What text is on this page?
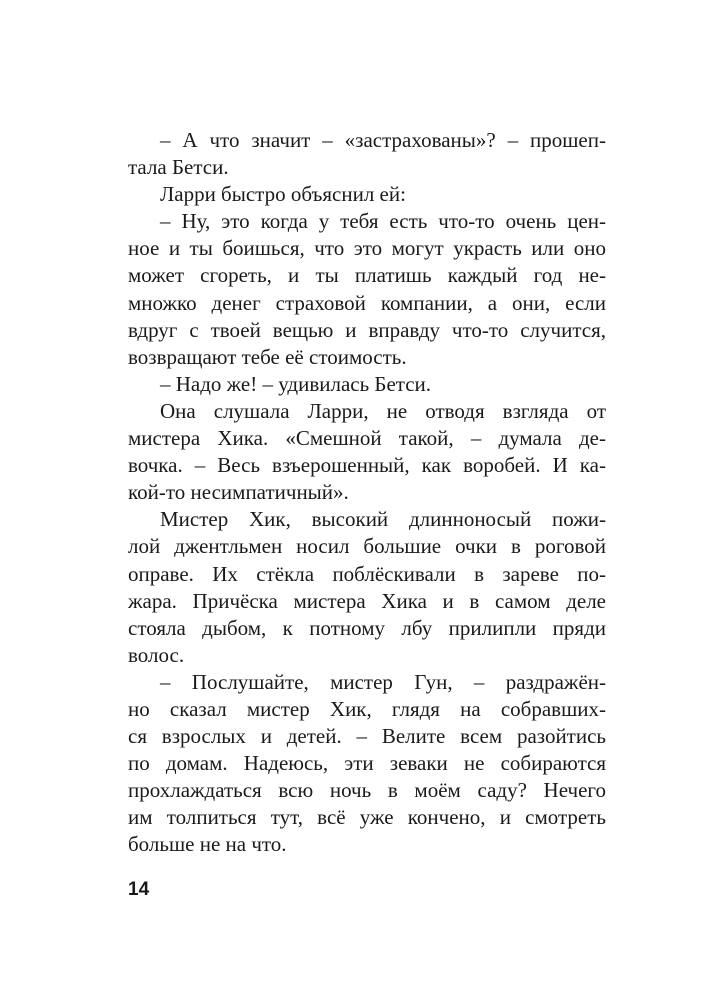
– А что значит – «застрахованы»? – прошеп-
тала Бетси.
Ларри быстро объяснил ей:
– Ну, это когда у тебя есть что-то очень цен-
ное и ты боишься, что это могут украсть или оно
может сгореть, и ты платишь каждый год не-
множко денег страховой компании, а они, если
вдруг с твоей вещью и вправду что-то случится,
возвращают тебе её стоимость.
– Надо же! – удивилась Бетси.
Она слушала Ларри, не отводя взгляда от
мистера Хика. «Смешной такой, – думала де-
вочка. – Весь взъерошенный, как воробей. И ка-
кой-то несимпатичный».
Мистер Хик, высокий длинноносый пожи-
лой джентльмен носил большие очки в роговой
оправе. Их стёкла поблёскивали в зареве по-
жара. Причёска мистера Хика и в самом деле
стояла дыбом, к потному лбу прилипли пряди
волос.
– Послушайте, мистер Гун, – раздражён-
но сказал мистер Хик, глядя на собравших-
ся взрослых и детей. – Велите всем разойтись
по домам. Надеюсь, эти зеваки не собираются
прохлаждаться всю ночь в моём саду? Нечего
им толпиться тут, всё уже кончено, и смотреть
больше не на что.
14
